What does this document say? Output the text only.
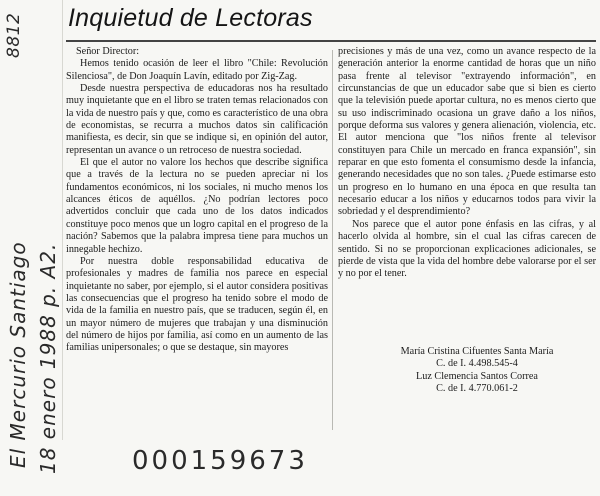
Inquietud de Lectoras

Señor Director:

Hemos tenido ocasión de leer el libro "Chile: Revolución Silenciosa", de Don Joaquín Lavín, editado por Zig-Zag.

Desde nuestra perspectiva de educadoras nos ha resultado muy inquietante que en el libro se traten temas relacionados con la vida de nuestro país y que, como es característico de una obra de economistas, se recurra a muchos datos sin calificación manifiesta, es decir, sin que se indique si, en opinión del autor, representan un avance o un retroceso de nuestra sociedad.

El que el autor no valore los hechos que describe significa que a través de la lectura no se pueden apreciar ni los fundamentos económicos, ni los sociales, ni mucho menos los alcances éticos de aquéllos. ¿No podrían lectores poco advertidos concluir que cada uno de los datos indicados constituye poco menos que un logro capital en el progreso de la nación? Sabemos que la palabra impresa tiene para muchos un innegable hechizo.

Por nuestra doble responsabilidad educativa de profesionales y madres de familia nos parece en especial inquietante no saber, por ejemplo, si el autor considera positivas las consecuencias que el progreso ha tenido sobre el modo de vida de la familia en nuestro país, que se traducen, según él, en un mayor número de mujeres que trabajan y una disminución del número de hijos por familia, así como en un aumento de las familias unipersonales; o que se destaque, sin mayores

precisiones y más de una vez, como un avance respecto de la generación anterior la enorme cantidad de horas que un niño pasa frente al televisor "extrayendo información", en circunstancias de que un educador sabe que si bien es cierto que la televisión puede aportar cultura, no es menos cierto que su uso indiscriminado ocasiona un grave daño a los niños, porque deforma sus valores y genera alienación, violencia, etc. El autor menciona que "los niños frente al televisor constituyen para Chile un mercado en franca expansión", sin reparar en que esto fomenta el consumismo desde la infancia, generando necesidades que no son tales. ¿Puede estimarse esto un progreso en lo humano en una época en que resulta tan necesario educar a los niños y educarnos todos para vivir la sobriedad y el desprendimiento?

Nos parece que el autor pone énfasis en las cifras, y al hacerlo olvida al hombre, sin el cual las cifras carecen de sentido. Si no se proporcionan explicaciones adicionales, se pierde de vista que la vida del hombre debe valorarse por el ser y no por el tener.

María Cristina Cifuentes Santa María

C. de I. 4.498.545-4

Luz Clemencia Santos Correa

C. de I. 4.770.061-2

El Mercurio Santiago 18 enero 1988 p. A2.
8812
000159673
